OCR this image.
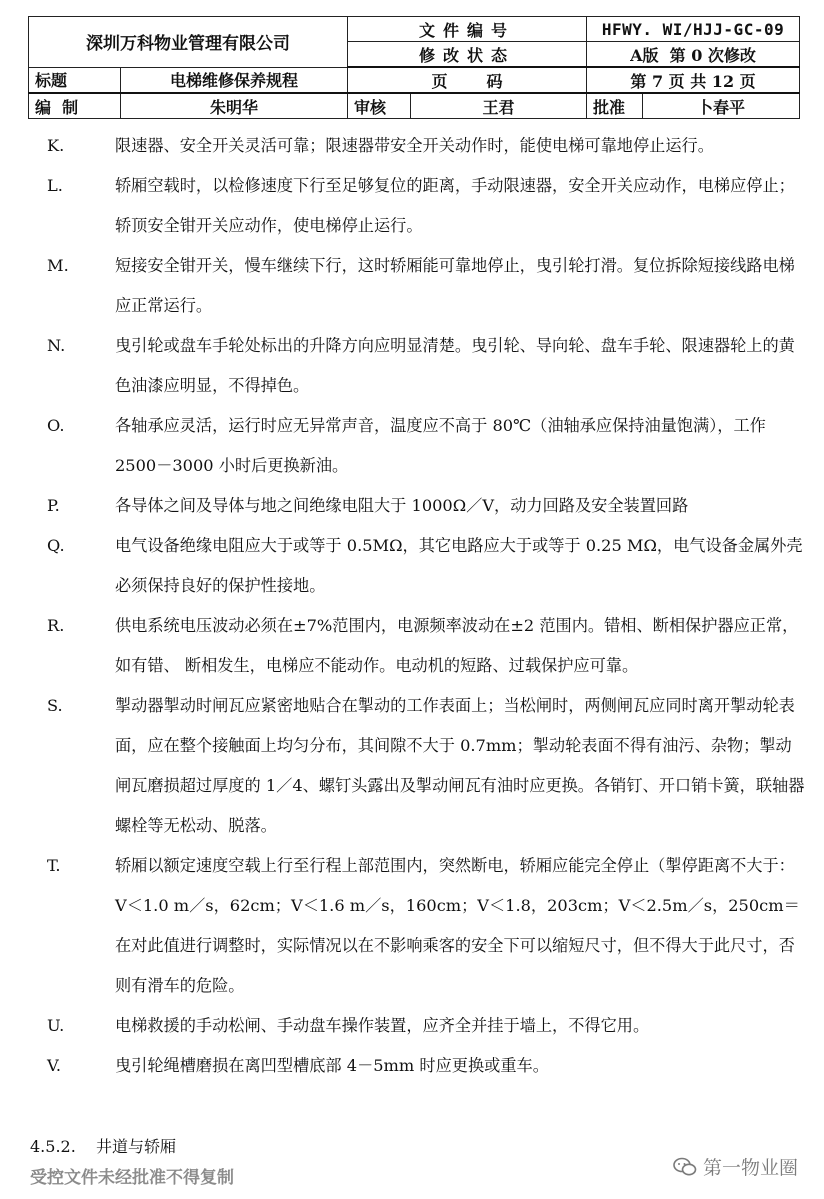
深圳万科物业管理有限公司		文件编号		HFWY. WI/HJJ-GC-09	
		修改状态		A版  第 0 次修改	
标题	电梯维修保养规程	页       码		第 7 页 共 12 页	
编  制	朱明华	审核	王君	批准	卜春平
K.	限速器、安全开关灵活可靠；限速器带安全开关动作时，能使电梯可靠地停止运行。
L.	轿厢空载时，以检修速度下行至足够复位的距离，手动限速器，安全开关应动作，电梯应停止；轿顶安全钳开关应动作，使电梯停止运行。
M.	短接安全钳开关，慢车继续下行，这时轿厢能可靠地停止，曳引轮打滑。复位拆除短接线路电梯应正常运行。
N.	曳引轮或盘车手轮处标出的升降方向应明显清楚。曳引轮、导向轮、盘车手轮、限速器轮上的黄色油漆应明显，不得掉色。
O.	各轴承应灵活，运行时应无异常声音，温度应不高于 80℃（油轴承应保持油量饱满），工作 2500－3000 小时后更换新油。
P.	各导体之间及导体与地之间绝缘电阻大于 1000Ω／V，动力回路及安全装置回路
Q.	电气设备绝缘电阻应大于或等于 0.5MΩ，其它电路应大于或等于 0.25 MΩ，电气设备金属外壳必须保持良好的保护性接地。
R.	供电系统电压波动必须在±7%范围内，电源频率波动在±2 范围内。错相、断相保护器应正常，如有错、 断相发生，电梯应不能动作。电动机的短路、过载保护应可靠。
S.	掣动器掣动时闸瓦应紧密地贴合在掣动的工作表面上；当松闸时，两侧闸瓦应同时离开掣动轮表面，应在整个接触面上均匀分布，其间隙不大于 0.7mm；掣动轮表面不得有油污、杂物；掣动闸瓦磨损超过厚度的 1／4、螺钉头露出及掣动闸瓦有油时应更换。各销钉、开口销卡簧，联轴器螺栓等无松动、脱落。
T.	轿厢以额定速度空载上行至行程上部范围内，突然断电，轿厢应能完全停止（掣停距离不大于：V＜1.0 m／s，62cm；V＜1.6 m／s，160cm；V＜1.8，203cm；V＜2.5m／s，250cm＝在对此值进行调整时，实际情况以在不影响乘客的安全下可以缩短尺寸，但不得大于此尺寸，否则有滑车的危险。
U.	电梯救援的手动松闸、手动盘车操作装置，应齐全并挂于墙上，不得它用。
V.	曳引轮绳槽磨损在离凹型槽底部 4－5mm 时应更换或重车。
4.5.2. 井道与轿厢
受控文件未经批准不得复制	第一物业圈
